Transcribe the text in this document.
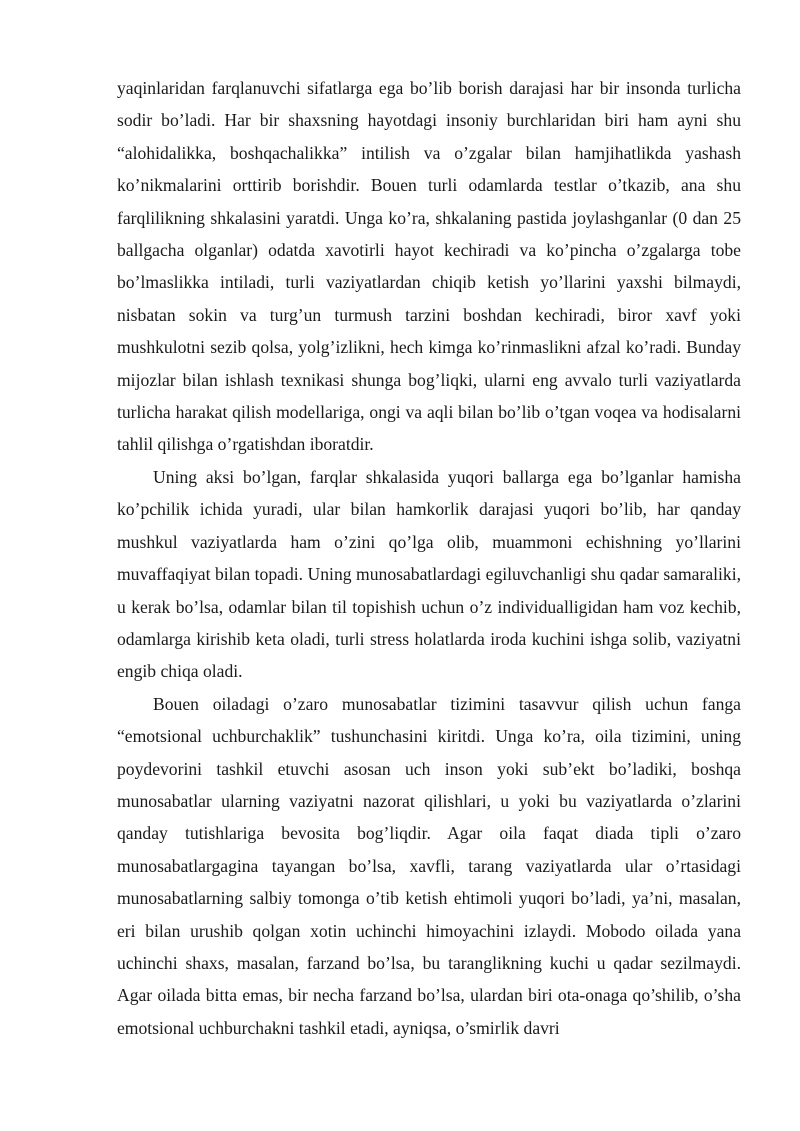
yaqinlaridan farqlanuvchi sifatlarga ega bo’lib borish darajasi har bir insonda turlicha sodir bo’ladi. Har bir shaxsning hayotdagi insoniy burchlaridan biri ham ayni shu “alohidalikka, boshqachalikka” intilish va o’zgalar bilan hamjihatlikda yashash ko’nikmalarini orttirib borishdir. Bouen turli odamlarda testlar o’tkazib, ana shu farqlilikning shkalasini yaratdi. Unga ko’ra, shkalaning pastida joylashganlar (0 dan 25 ballgacha olganlar) odatda xavotirli hayot kechiradi va ko’pincha o’zgalarga tobe bo’lmaslikka intiladi, turli vaziyatlardan chiqib ketish yo’llarini yaxshi bilmaydi, nisbatan sokin va turg’un turmush tarzini boshdan kechiradi, biror xavf yoki mushkulotni sezib qolsa, yolg’izlikni, hech kimga ko’rinmaslikni afzal ko’radi. Bunday mijozlar bilan ishlash texnikasi shunga bog’liqki, ularni eng avvalo turli vaziyatlarda turlicha harakat qilish modellariga, ongi va aqli bilan bo’lib o’tgan voqea va hodisalarni tahlil qilishga o’rgatishdan iboratdir.

Uning aksi bo’lgan, farqlar shkalasida yuqori ballarga ega bo’lganlar hamisha ko’pchilik ichida yuradi, ular bilan hamkorlik darajasi yuqori bo’lib, har qanday mushkul vaziyatlarda ham o’zini qo’lga olib, muammoni echishning yo’llarini muvaffaqiyat bilan topadi. Uning munosabatlardagi egiluvchanligi shu qadar samaraliki, u kerak bo’lsa, odamlar bilan til topishish uchun o’z individualligidan ham voz kechib, odamlarga kirishib keta oladi, turli stress holatlarda iroda kuchini ishga solib, vaziyatni engib chiqa oladi.

Bouen oiladagi o’zaro munosabatlar tizimini tasavvur qilish uchun fanga “emotsional uchburchaklik” tushunchasini kiritdi. Unga ko’ra, oila tizimini, uning poydevorini tashkil etuvchi asosan uch inson yoki sub’ekt bo’ladiki, boshqa munosabatlar ularning vaziyatni nazorat qilishlari, u yoki bu vaziyatlarda o’zlarini qanday tutishlariga bevosita bog’liqdir. Agar oila faqat diada tipli o’zaro munosabatlargagina tayangan bo’lsa, xavfli, tarang vaziyatlarda ular o’rtasidagi munosabatlarning salbiy tomonga o’tib ketish ehtimoli yuqori bo’ladi, ya’ni, masalan, eri bilan urushib qolgan xotin uchinchi himoyachini izlaydi. Mobodo oilada yana uchinchi shaxs, masalan, farzand bo’lsa, bu taranglikning kuchi u qadar sezilmaydi. Agar oilada bitta emas, bir necha farzand bo’lsa, ulardan biri ota-onaga qo’shilib, o’sha emotsional uchburchakni tashkil etadi, ayniqsa, o’smirlik davri
